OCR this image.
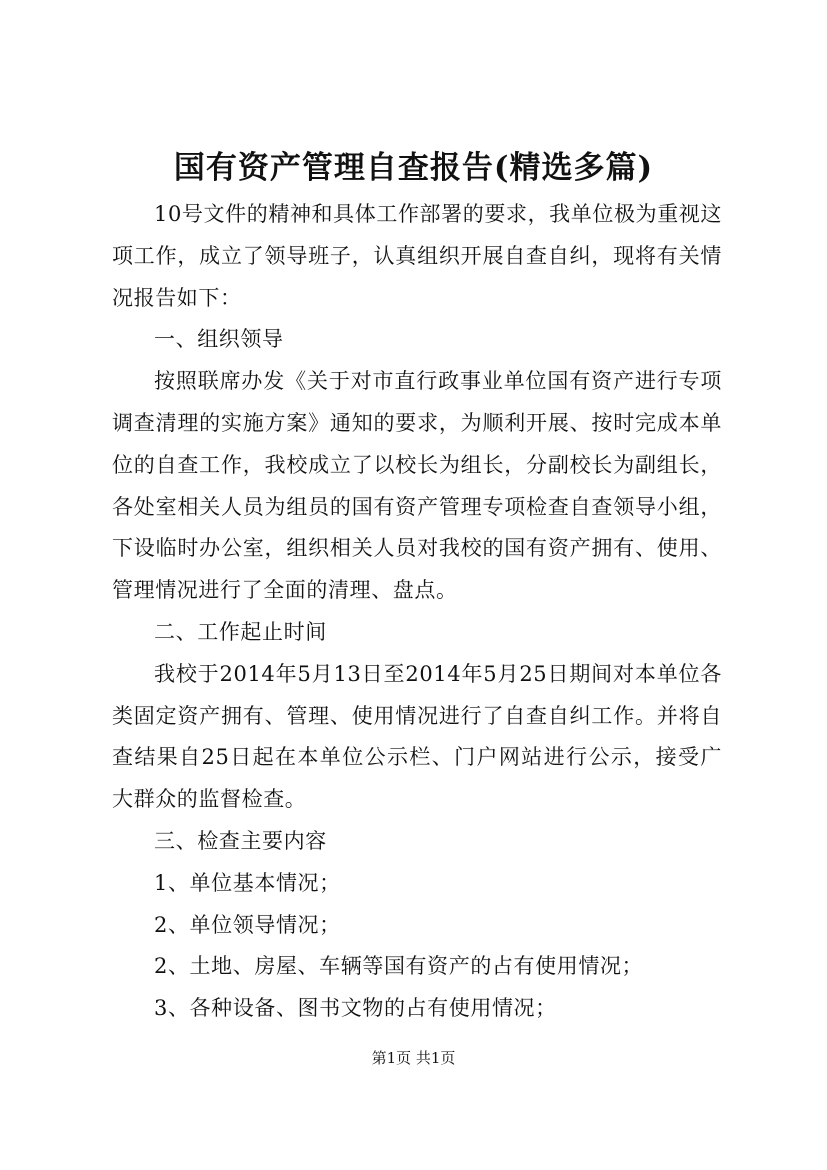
国有资产管理自查报告(精选多篇)

10号文件的精神和具体工作部署的要求，我单位极为重视这项工作，成立了领导班子，认真组织开展自查自纠，现将有关情况报告如下：

一、组织领导

按照联席办发《关于对市直行政事业单位国有资产进行专项调查清理的实施方案》通知的要求，为顺利开展、按时完成本单位的自查工作，我校成立了以校长为组长，分副校长为副组长，各处室相关人员为组员的国有资产管理专项检查自查领导小组，下设临时办公室，组织相关人员对我校的国有资产拥有、使用、管理情况进行了全面的清理、盘点。

二、工作起止时间

我校于2014年5月13日至2014年5月25日期间对本单位各类固定资产拥有、管理、使用情况进行了自查自纠工作。并将自查结果自25日起在本单位公示栏、门户网站进行公示，接受广大群众的监督检查。

三、检查主要内容

1、单位基本情况；

2、单位领导情况；

2、土地、房屋、车辆等国有资产的占有使用情况；

3、各种设备、图书文物的占有使用情况；

第1页 共1页
